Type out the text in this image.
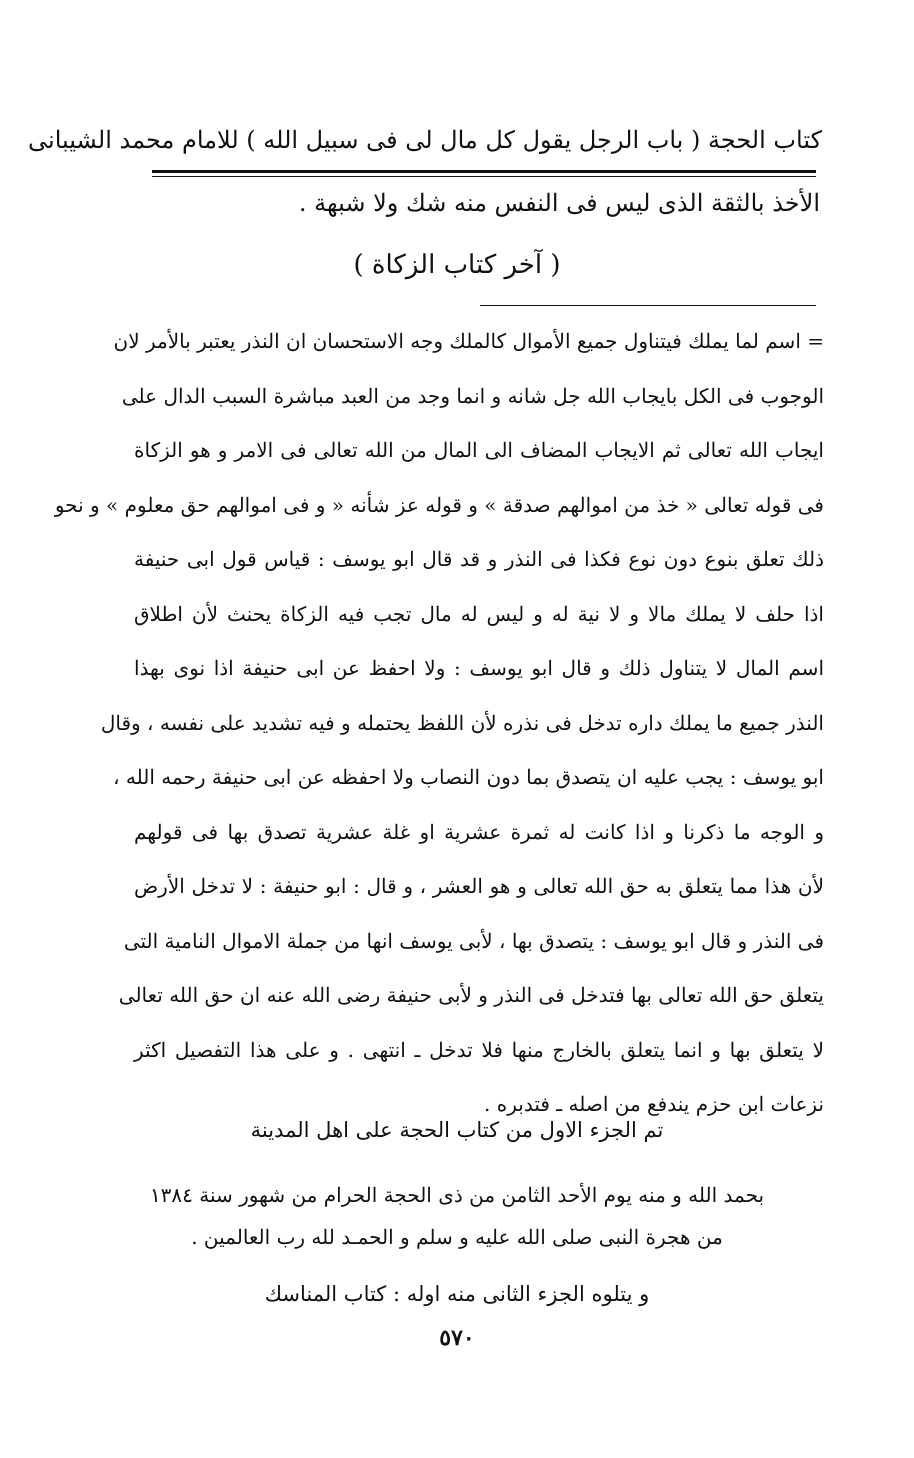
كتاب الحجة ( باب الرجل يقول كل مال لى فى سبيل الله ) للامام محمد الشيبانى
الأخذ بالثقة الذى ليس فى النفس منه شك ولا شبهة .
( آخر كتاب الزكاة )
= اسم لما يملك فيتناول جميع الأموال كالملك وجه الاستحسان ان النذر يعتبر بالأمر لان
الوجوب فى الكل بايجاب الله جل شانه و انما وجد من العبد مباشرة السبب الدال على
ايجاب الله تعالى ثم الايجاب المضاف الى المال من الله تعالى فى الامر و هو الزكاة
فى قوله تعالى « خذ من اموالهم صدقة » و قوله عز شأنه « و فى اموالهم حق معلوم » و نحو
ذلك تعلق بنوع دون نوع فكذا فى النذر و قد قال ابو يوسف : قياس قول ابى حنيفة
اذا حلف لا يملك مالا و لا نية له و ليس له مال تجب فيه الزكاة يحنث لأن اطلاق
اسم المال لا يتناول ذلك و قال ابو يوسف : ولا احفظ عن ابى حنيفة اذا نوى بهذا
النذر جميع ما يملك داره تدخل فى نذره لأن اللفظ يحتمله و فيه تشديد على نفسه ، وقال
ابو يوسف : يجب عليه ان يتصدق بما دون النصاب ولا احفظه عن ابى حنيفة رحمه الله ،
و الوجه ما ذكرنا و اذا كانت له ثمرة عشرية او غلة عشرية تصدق بها فى قولهم
لأن هذا مما يتعلق به حق الله تعالى و هو العشر ، و قال : ابو حنيفة : لا تدخل الأرض
فى النذر و قال ابو يوسف : يتصدق بها ، لأبى يوسف انها من جملة الاموال النامية التى
يتعلق حق الله تعالى بها فتدخل فى النذر و لأبى حنيفة رضى الله عنه ان حق الله تعالى
لا يتعلق بها و انما يتعلق بالخارج منها فلا تدخل ـ انتهى . و على هذا التفصيل اكثر
نزعات ابن حزم يندفع من اصله ـ فتدبره .
تم الجزء الاول من كتاب الحجة على اهل المدينة
بحمد الله و منه يوم الأحد الثامن من ذى الحجة الحرام من شهور سنة ١٣٨٤
من هجرة النبى صلى الله عليه و سلم و الحمـد لله رب العالمين .
و يتلوه الجزء الثانى منه اوله : كتاب المناسك
٥٧٠
